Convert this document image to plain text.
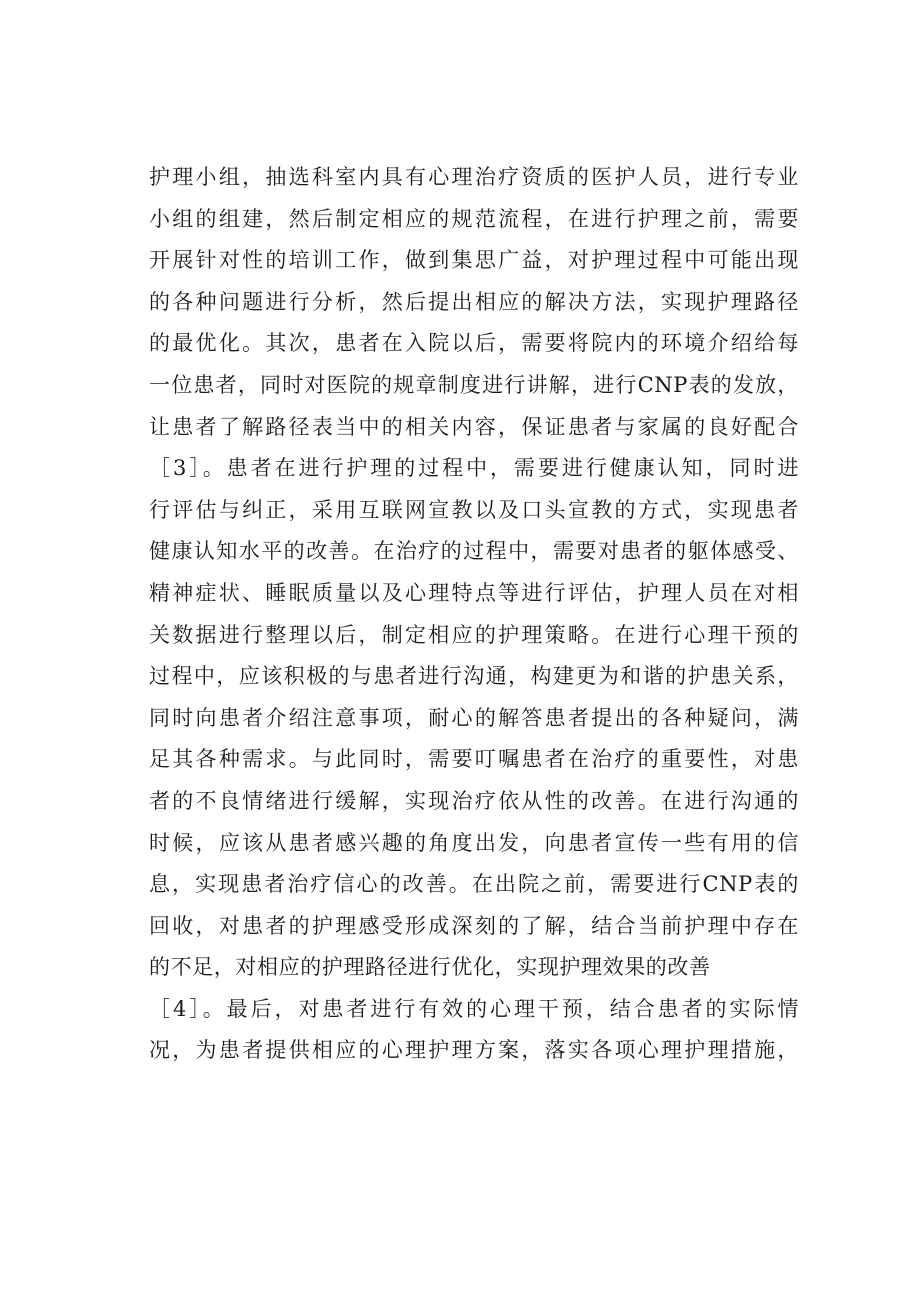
护理小组，抽选科室内具有心理治疗资质的医护人员，进行专业
小组的组建，然后制定相应的规范流程，在进行护理之前，需要
开展针对性的培训工作，做到集思广益，对护理过程中可能出现
的各种问题进行分析，然后提出相应的解决方法，实现护理路径
的最优化。其次，患者在入院以后，需要将院内的环境介绍给每
一位患者，同时对医院的规章制度进行讲解，进行CNP表的发放，
让患者了解路径表当中的相关内容，保证患者与家属的良好配合
［3］。患者在进行护理的过程中，需要进行健康认知，同时进
行评估与纠正，采用互联网宣教以及口头宣教的方式，实现患者
健康认知水平的改善。在治疗的过程中，需要对患者的躯体感受、
精神症状、睡眠质量以及心理特点等进行评估，护理人员在对相
关数据进行整理以后，制定相应的护理策略。在进行心理干预的
过程中，应该积极的与患者进行沟通，构建更为和谐的护患关系，
同时向患者介绍注意事项，耐心的解答患者提出的各种疑问，满
足其各种需求。与此同时，需要叮嘱患者在治疗的重要性，对患
者的不良情绪进行缓解，实现治疗依从性的改善。在进行沟通的
时候，应该从患者感兴趣的角度出发，向患者宣传一些有用的信
息，实现患者治疗信心的改善。在出院之前，需要进行CNP表的
回收，对患者的护理感受形成深刻的了解，结合当前护理中存在
的不足，对相应的护理路径进行优化，实现护理效果的改善
［4］。最后，对患者进行有效的心理干预，结合患者的实际情
况，为患者提供相应的心理护理方案，落实各项心理护理措施，
